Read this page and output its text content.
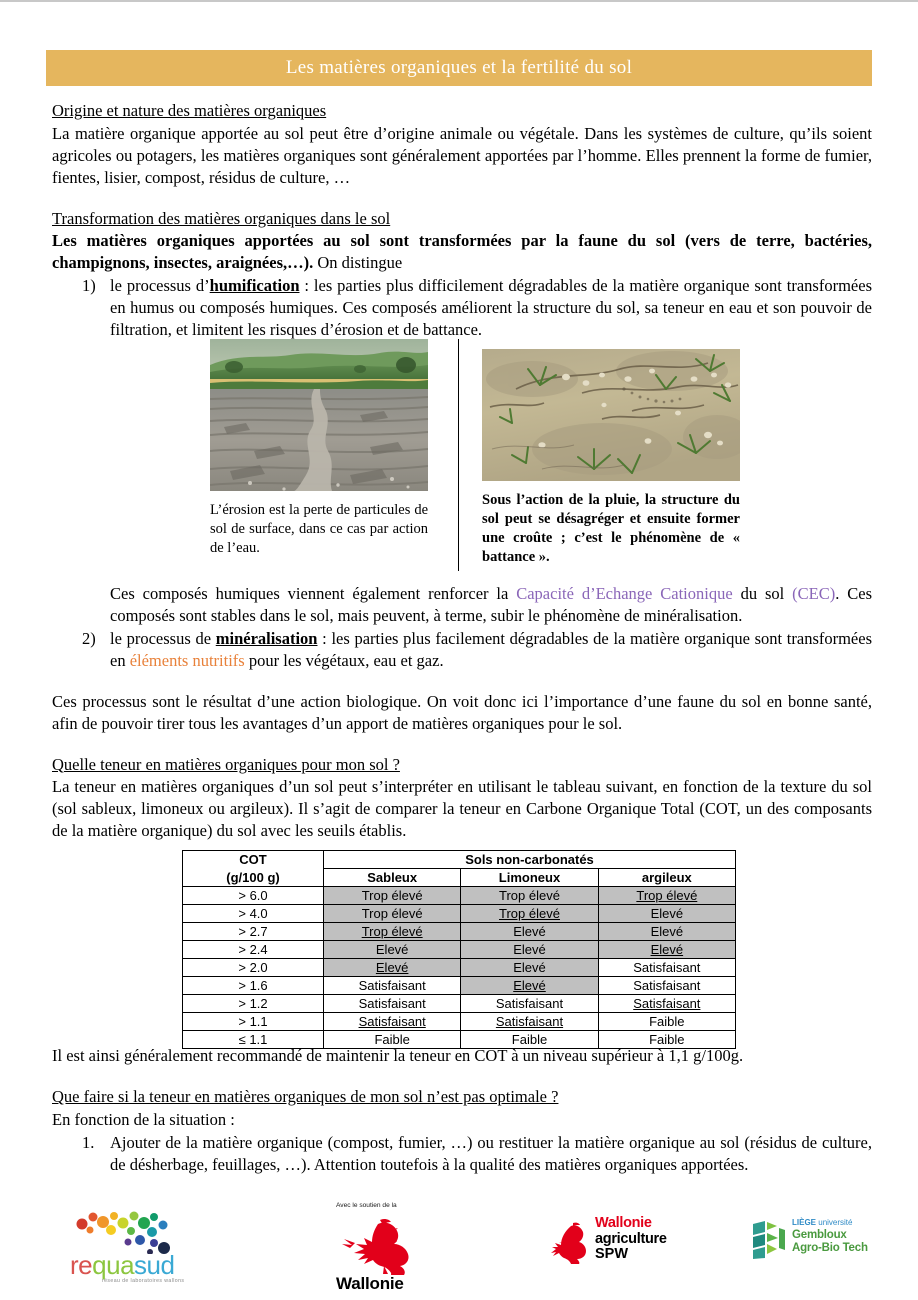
Les matières organiques et la fertilité du sol
Origine et nature des matières organiques

La matière organique apportée au sol peut être d’origine animale ou végétale. Dans les systèmes de culture, qu’ils soient agricoles ou potagers, les matières organiques sont généralement apportées par l’homme. Elles prennent la forme de fumier, fientes, lisier, compost, résidus de culture, …

Transformation des matières organiques dans le sol

Les matières organiques apportées au sol sont transformées par la faune du sol (vers de terre, bactéries, champignons, insectes, araignées,…). On distingue

1) le processus d’humification : les parties plus difficilement dégradables de la matière organique sont transformées en humus ou composés humiques. Ces composés améliorent la structure du sol, sa teneur en eau et son pouvoir de filtration, et limitent les risques d’érosion et de battance.

Ces composés humiques viennent également renforcer la Capacité d’Echange Cationique du sol (CEC). Ces composés sont stables dans le sol, mais peuvent, à terme, subir le phénomène de minéralisation.

2) le processus de minéralisation : les parties plus facilement dégradables de la matière organique sont transformées en éléments nutritifs pour les végétaux, eau et gaz.

Ces processus sont le résultat d’une action biologique. On voit donc ici l’importance d’une faune du sol en bonne santé, afin de pouvoir tirer tous les avantages d’un apport de matières organiques pour le sol.

Quelle teneur en matières organiques pour mon sol ?

La teneur en matières organiques d’un sol peut s’interpréter en utilisant le tableau suivant, en fonction de la texture du sol (sol sableux, limoneux ou argileux). Il s’agit de comparer la teneur en Carbone Organique Total (COT, un des composants de la matière organique) du sol avec les seuils établis.

Il est ainsi généralement recommandé de maintenir la teneur en COT à un niveau supérieur à 1,1 g/100g.

Que faire si la teneur en matières organiques de mon sol n’est pas optimale ?

En fonction de la situation :

1. Ajouter de la matière organique (compost, fumier, …) ou restituer la matière organique au sol (résidus de culture, de désherbage, feuillages, …). Attention toutefois à la qualité des matières organiques apportées.
L’érosion est la perte de particules de sol de surface, dans ce cas par action de l’eau.
Sous l’action de la pluie, la structure du sol peut se désagréger et ensuite former une croûte ; c’est le phénomène de « battance ».
COT	Sols non-carbonatés		
(g/100 g)	Sableux	Limoneux	argileux
> 6.0	Trop élevé	Trop élevé	Trop élevé
> 4.0	Trop élevé	Trop élevé	Elevé
> 2.7	Trop élevé	Elevé	Elevé
> 2.4	Elevé	Elevé	Elevé
> 2.0	Elevé	Elevé	Satisfaisant
> 1.6	Satisfaisant	Elevé	Satisfaisant
> 1.2	Satisfaisant	Satisfaisant	Satisfaisant
> 1.1	Satisfaisant	Satisfaisant	Faible
≤ 1.1	Faible	Faible	Faible
requasud
réseau de laboratoires wallons
Avec le soutien de la
Wallonie
Wallonie
agriculture
SPW
LIÈGE université
Gembloux
Agro-Bio Tech
